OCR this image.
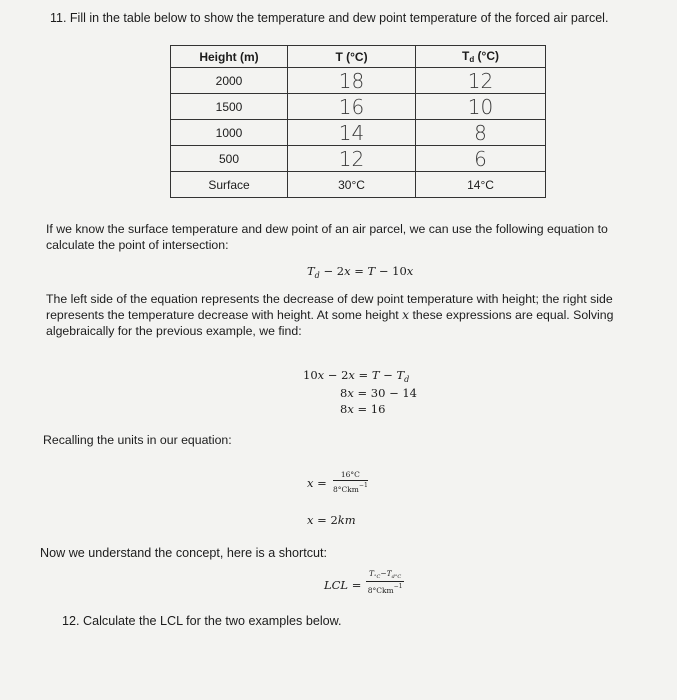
11. Fill in the table below to show the temperature and dew point temperature of the forced air parcel.
Height (m)	T (°C)	Td (°C)
2000	18	12
1500	16	10
1000	14	8
500	12	6
Surface	30°C	14°C
If we know the surface temperature and dew point of an air parcel, we can use the following equation to
calculate the point of intersection:
$T_d - 2x = T - 10x$
The left side of the equation represents the decrease of dew point temperature with height; the right side
represents the temperature decrease with height. At some height x these expressions are equal. Solving
algebraically for the previous example, we find:
$10x - 2x = T - T_d$
8x = 30 − 14
8x = 16
Recalling the units in our equation:
x =
16°C
8°Ckm$^{-1}$
x = 2km
Now we understand the concept, here is a shortcut:
LCL =
$T_{^\circ C}-T_{d^\circ C}$
8°Ckm$^{-1}$
12. Calculate the LCL for the two examples below.
